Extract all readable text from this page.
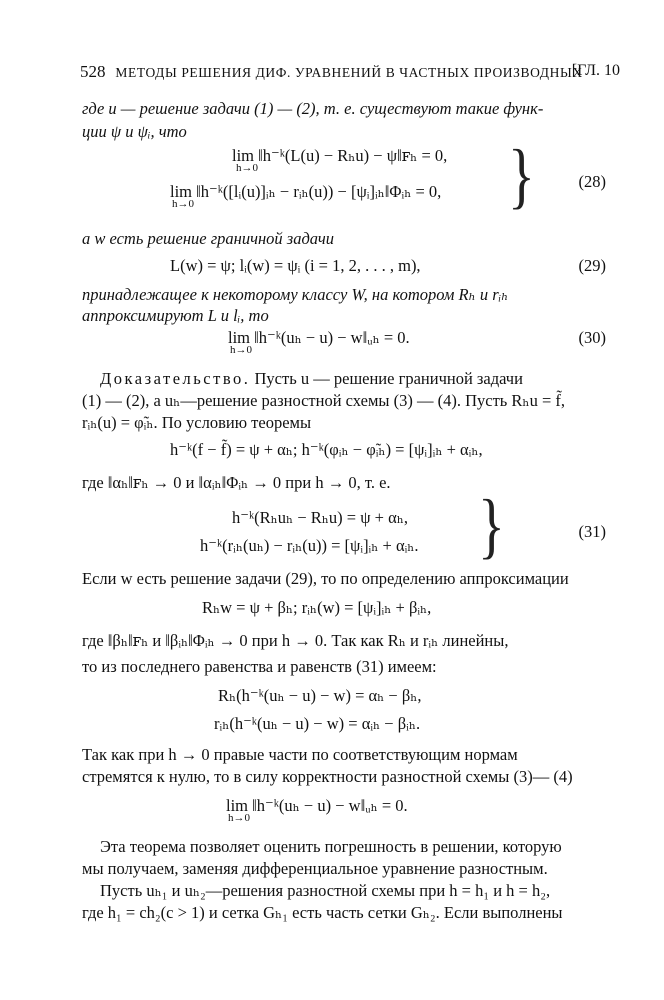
528 МЕТОДЫ РЕШЕНИЯ ДИФ. УРАВНЕНИЙ В ЧАСТНЫХ ПРОИЗВОДНЫХ
[ГЛ. 10
где u — решение задачи (1) — (2), т. е. существуют такие функ-
ции ψ и ψᵢ, что
lim ‖h⁻ᵏ(L(u) − Rₕu) − ψ‖ꜰₕ = 0,
h→0
lim ‖h⁻ᵏ([lᵢ(u)]ᵢₕ − rᵢₕ(u)) − [ψᵢ]ᵢₕ‖Φᵢₕ = 0,
h→0	}	(28)
а w есть решение граничной задачи
L(w) = ψ; lᵢ(w) = ψᵢ (i = 1, 2, . . . , m),	(29)
принадлежащее к некоторому классу W, на котором Rₕ и rᵢₕ
аппроксимируют L и lᵢ, то
lim ‖h⁻ᵏ(uₕ − u) − w‖ᵤₕ = 0.
h→0
(30)
Доказательство. Пусть u — решение граничной задачи
(1) — (2), а uₕ—решение разностной схемы (3) — (4). Пусть Rₕu = f̃,
rᵢₕ(u) = φ̃ᵢₕ. По условию теоремы
h⁻ᵏ(f − f̃) = ψ + αₕ; h⁻ᵏ(φᵢₕ − φ̃ᵢₕ) = [ψᵢ]ᵢₕ + αᵢₕ,
где ‖αₕ‖ꜰₕ → 0 и ‖αᵢₕ‖Φᵢₕ → 0 при h → 0, т. е.
h⁻ᵏ(Rₕuₕ − Rₕu) = ψ + αₕ,
h⁻ᵏ(rᵢₕ(uₕ) − rᵢₕ(u)) = [ψᵢ]ᵢₕ + αᵢₕ. }	(31)
Если w есть решение задачи (29), то по определению аппроксимации
Rₕw = ψ + βₕ; rᵢₕ(w) = [ψᵢ]ᵢₕ + βᵢₕ,
где ‖βₕ‖ꜰₕ и ‖βᵢₕ‖Φᵢₕ → 0 при h → 0. Так как Rₕ и rᵢₕ линейны,
то из последнего равенства и равенств (31) имеем:
Rₕ(h⁻ᵏ(uₕ − u) − w) = αₕ − βₕ,
rᵢₕ(h⁻ᵏ(uₕ − u) − w) = αᵢₕ − βᵢₕ.
Так как при h → 0 правые части по соответствующим нормам
стремятся к нулю, то в силу корректности разностной схемы (3)— (4)
lim ‖h⁻ᵏ(uₕ − u) − w‖ᵤₕ = 0.
h→0
Эта теорема позволяет оценить погрешность в решении, которую
мы получаем, заменяя дифференциальное уравнение разностным.
Пусть uₕ₁ и uₕ₂—решения разностной схемы при h = h₁ и h = h₂,
где h₁ = ch₂(c > 1) и сетка Gₕ₁ есть часть сетки Gₕ₂. Если выполнены
